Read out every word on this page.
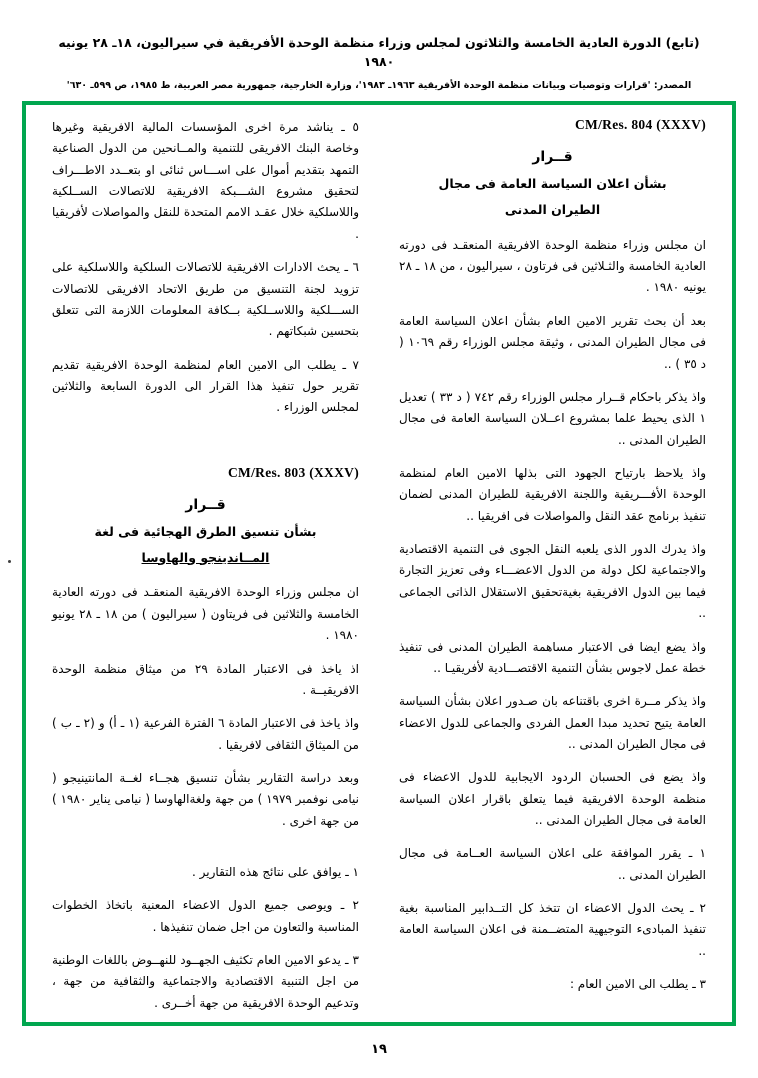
(تابع) الدورة العادية الخامسة والثلاثون لمجلس وزراء منظمة الوحدة الأفريقية في سيراليون، ١٨ـ ٢٨ يونيه ١٩٨٠
المصدر: 'قرارات وتوصيات وبيانات منظمة الوحدة الأفريقية ١٩٦٣ـ ١٩٨٣'، وزارة الخارجية، جمهورية مصر العربية، ط ١٩٨٥، ص ٥٩٩ـ ٦٣٠'
CM/Res. 804 (XXXV)
قــرار
بشأن اعلان السياسة العامة فى مجال
الطيران المدنى

ان مجلس وزراء منظمة الوحدة الافريقية المنعقـد فى دورته العادية الخامسة والثـلاثين فى فرتاون ، سيراليون ، من ١٨ ـ ٢٨ يونيه ١٩٨٠ .

بعد أن بحث تقرير الامين العام بشأن اعلان السياسة العامة فى مجال الطيران المدنى ، وثيقة مجلس الوزراء رقم ١٠٦٩ ( د ٣٥ ) ..

واذ يذكر باحكام قــرار مجلس الوزراء رقم ٧٤٢ ( د ٣٣ ) تعديل ١ الذى يحيط علما بمشروع اعــلان السياسة العامة فى مجال الطيران المدنى ..

واذ يلاحظ بارتياح الجهود التى بذلها الامين العام لمنظمة الوحدة الأفـــريقية واللجنة الافريقية للطيران المدنى لضمان تنفيذ برنامج عقد النقل والمواصلات فى افريقيا ..

واذ يدرك الدور الذى يلعبه النقل الجوى فى التنمية الاقتصادية والاجتماعية لكل دولة من الدول الاعضـــاء وفى تعزيز التجارة فيما بين الدول الافريقية بغيةتحقيق الاستقلال الذاتى الجماعى ..

واذ يضع ايضا فى الاعتبار مساهمة الطيران المدنى فى تنفيذ خطة عمل لاجوس بشأن التنمية الاقتصـــادية لأفريقيـا ..

واذ يذكر مــرة اخرى باقتناعه بان صـدور اعلان بشأن السياسة العامة يتيح تحديد مبدا العمل الفردى والجماعى للدول الاعضاء فى مجال الطيران المدنى ..

واذ يضع فى الحسبان الردود الايجابية للدول الاعضاء فى منظمة الوحدة الافريقية فيما يتعلق باقرار اعلان السياسة العامة فى مجال الطيران المدنى ..

١ ـ يقرر الموافقة على اعلان السياسة العــامة فى مجال الطيران المدنى ..
٢ ـ يحث الدول الاعضاء ان تتخذ كل التــدابير المناسبة بغية تنفيذ المبادىء التوجيهية المتضــمنة فى اعلان السياسة العامة ..
٣ ـ يطلب الى الامين العام :
٥ ـ يناشد مرة اخرى المؤسسات المالية الافريقية وغيرها وخاصة البنك الافريقى للتنمية والمــانحين من الدول الصناعية التمهد بتقديم أموال على اســـاس ثنائى او بتعــدد الاطـــراف لتحقيق مشروع الشـــبكة الافريقية للاتصالات الســلكية واللاسلكية خلال عقـد الامم المتحدة للنقل والمواصلات لأفريقيا .
٦ ـ يحث الادارات الافريقية للاتصالات السلكية واللاسلكية على تزويد لجنة التنسيق من طريق الاتحاد الافريقى للاتصالات الســـلكية واللاســلكية بــكافة المعلومات اللازمة التى تتعلق بتحسين شبكاتهم .
٧ ـ يطلب الى الامين العام لمنظمة الوحدة الافريقية تقديم تقرير حول تنفيذ هذا القرار الى الدورة السابعة والثلاثين لمجلس الوزراء .
CM/Res. 803 (XXXV)
قــرار
بشأن تنسيق الطرق الهجائية فى لغة
المــاندينجو والهاوسا

ان مجلس وزراء الوحدة الافريقية المنعقـد فى دورته العادية الخامسة والثلاثين فى فريتاون ( سيراليون ) من ١٨ ـ ٢٨ يونيو ١٩٨٠ .

اذ ياخذ فى الاعتبار المادة ٢٩ من ميثاق منظمة الوحدة الافريقيــة .

واذ ياخذ فى الاعتبار المادة ٦ الفترة الفرعية (١ ـ أ) و (٢ ـ ب ) من الميثاق الثقافى لافريقيا .

وبعد دراسة التقارير بشأن تنسيق هجــاء لغــة المانتينيجو ( نيامى نوفمبر ١٩٧٩ ) من جهة ولغةالهاوسا ( نيامى يناير ١٩٨٠ ) من جهة اخرى .

١ ـ يوافق على نتائج هذه التقارير .
٢ ـ ويوصى جميع الدول الاعضاء المعنية باتخاذ الخطوات المناسبة والتعاون من اجل ضمان تنفيذها .
٣ ـ يدعو الامين العام تكثيف الجهــود للنهــوض باللغات الوطنية من اجل التنبية الاقتصادية والاجتماعية والثقافية من جهة ، وتدعيم الوحدة الافريقية من جهة أخــرى .
١٩
